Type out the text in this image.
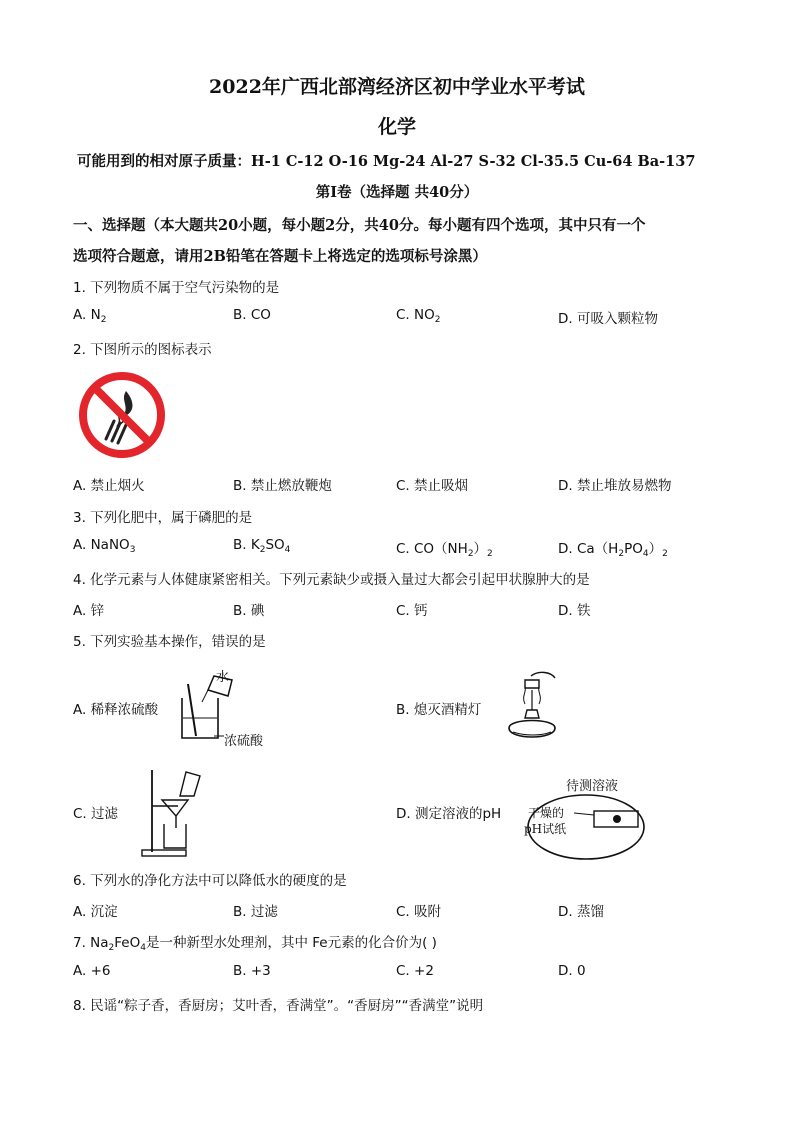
2022年广西北部湾经济区初中学业水平考试
化学
可能用到的相对原子质量：H-1 C-12 O-16 Mg-24 Al-27 S-32 Cl-35.5 Cu-64 Ba-137
第Ⅰ卷（选择题 共40分）
一、选择题（本大题共20小题，每小题2分，共40分。每小题有四个选项，其中只有一个
选项符合题意，请用2B铅笔在答题卡上将选定的选项标号涂黑）
1. 下列物质不属于空气污染物的是
A. $N_2$	B. CO	C. $NO_2$	D. 可吸入颗粒物
2. 下图所示的图标表示
A. 禁止烟火	B. 禁止燃放鞭炮	C. 禁止吸烟	D. 禁止堆放易燃物
3. 下列化肥中，属于磷肥的是
A. NaNO$_3$	B. $K_2SO_4$	C. $CO(NH_2)_2$	D. $Ca(H_2PO_4)_2$
4. 化学元素与人体健康紧密相关。下列元素缺少或摄入量过大都会引起甲状腺肿大的是
A. 锌	B. 碘	C. 钙	D. 铁
5. 下列实验基本操作，错误的是
A. 稀释浓硫酸
水
浓硫酸
B. 熄灭酒精灯
C. 过滤	D. 测定溶液的pH
待测溶液
干燥的
pH试纸
6. 下列水的净化方法中可以降低水的硬度的是
A. 沉淀	B. 过滤	C. 吸附	D. 蒸馏
7. $Na_2FeO_4$是一种新型水处理剂，其中 Fe元素的化合价为( )
A. +6	B. +3	C. +2	D. 0
8. 民谣“粽子香，香厨房；艾叶香，香满堂”。“香厨房”“香满堂”说明
